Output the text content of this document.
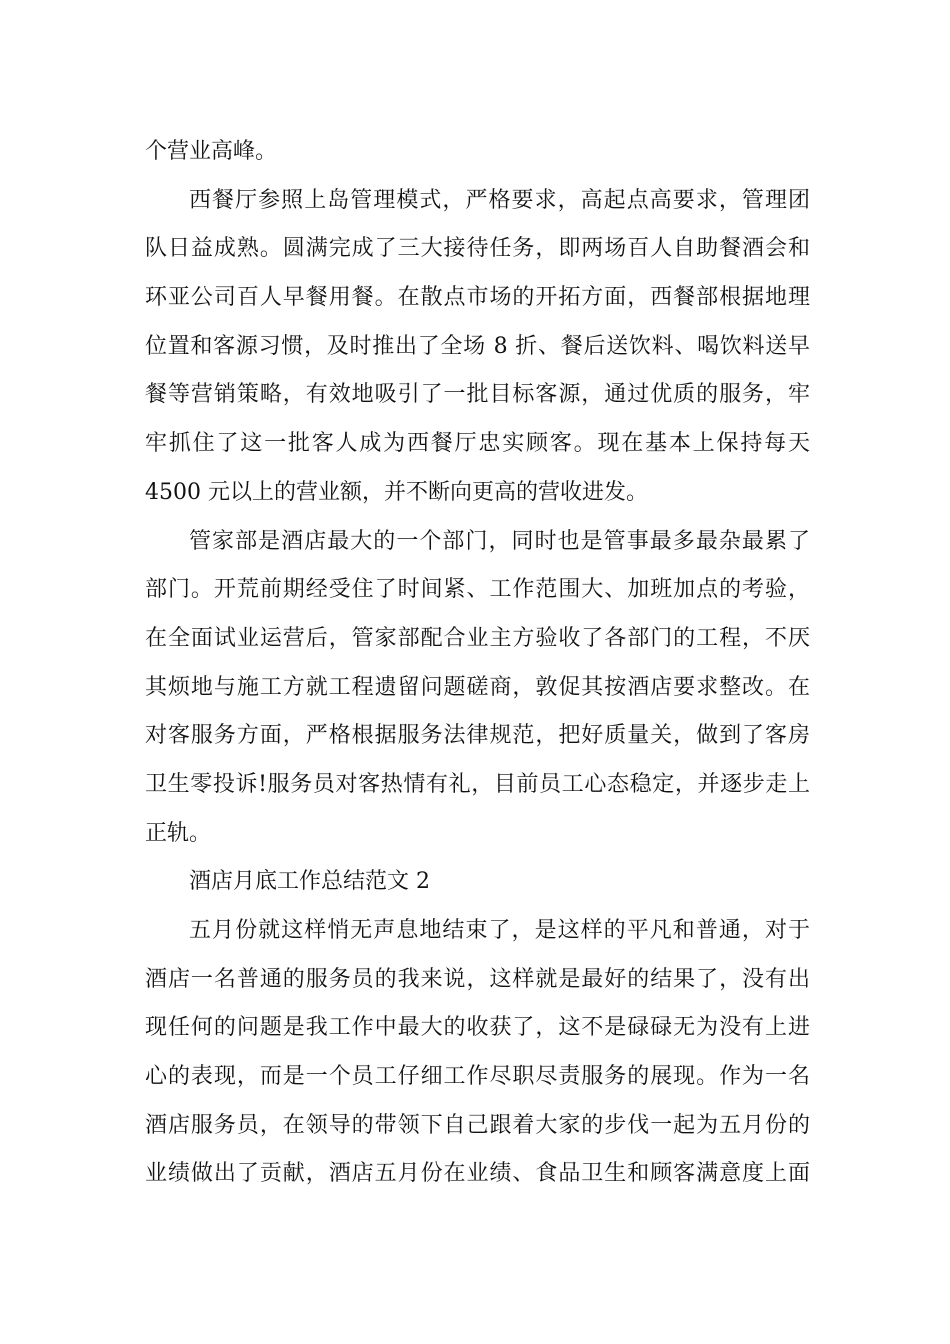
个营业高峰。
西餐厅参照上岛管理模式，严格要求，高起点高要求，管理团
队日益成熟。圆满完成了三大接待任务，即两场百人自助餐酒会和
环亚公司百人早餐用餐。在散点市场的开拓方面，西餐部根据地理
位置和客源习惯，及时推出了全场 8 折、餐后送饮料、喝饮料送早
餐等营销策略，有效地吸引了一批目标客源，通过优质的服务，牢
牢抓住了这一批客人成为西餐厅忠实顾客。现在基本上保持每天
4500 元以上的营业额，并不断向更高的营收进发。
管家部是酒店最大的一个部门，同时也是管事最多最杂最累了
部门。开荒前期经受住了时间紧、工作范围大、加班加点的考验，
在全面试业运营后，管家部配合业主方验收了各部门的工程，不厌
其烦地与施工方就工程遗留问题磋商，敦促其按酒店要求整改。在
对客服务方面，严格根据服务法律规范，把好质量关，做到了客房
卫生零投诉!服务员对客热情有礼，目前员工心态稳定，并逐步走上
正轨。
酒店月底工作总结范文 2
五月份就这样悄无声息地结束了，是这样的平凡和普通，对于
酒店一名普通的服务员的我来说，这样就是最好的结果了，没有出
现任何的问题是我工作中最大的收获了，这不是碌碌无为没有上进
心的表现，而是一个员工仔细工作尽职尽责服务的展现。作为一名
酒店服务员，在领导的带领下自己跟着大家的步伐一起为五月份的
业绩做出了贡献，酒店五月份在业绩、食品卫生和顾客满意度上面
